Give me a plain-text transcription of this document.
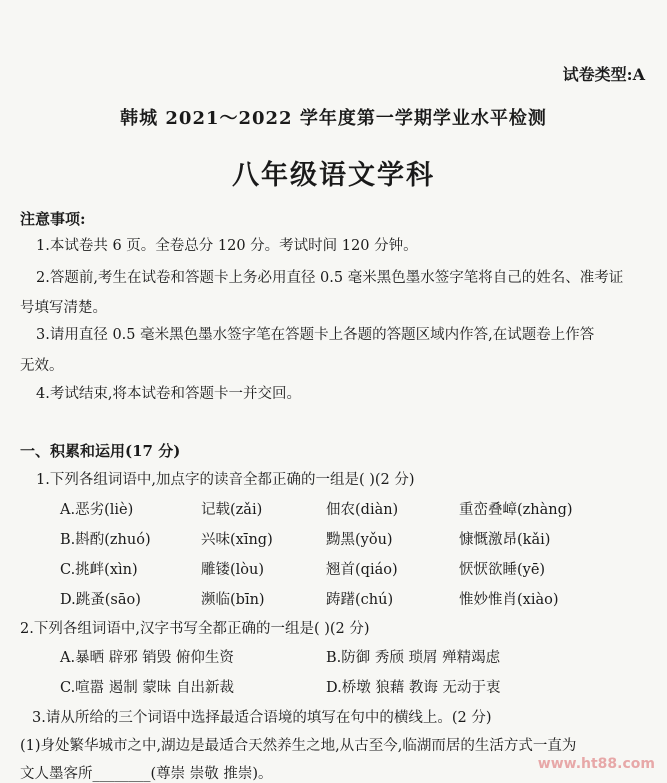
试卷类型:A
韩城 2021～2022 学年度第一学期学业水平检测
八年级语文学科
注意事项:
1.本试卷共 6 页。全卷总分 120 分。考试时间 120 分钟。
2.答题前,考生在试卷和答题卡上务必用直径 0.5 毫米黑色墨水签字笔将自己的姓名、准考证
号填写清楚。
3.请用直径 0.5 毫米黑色墨水签字笔在答题卡上各题的答题区域内作答,在试题卷上作答
无效。
4.考试结束,将本试卷和答题卡一并交回。
一、积累和运用(17 分)
1.下列各组词语中,加点字的读音全都正确的一组是( )(2 分)
A.恶劣(liè)	记载(zǎi)	佃农(diàn)	重峦叠嶂(zhàng)
B.斟酌(zhuó)	兴味(xīng)	黝黑(yǒu)	慷慨激昂(kǎi)
C.挑衅(xìn)	雕镂(lòu)	翘首(qiáo)	恹恹欲睡(yē)
D.跳蚤(sāo)	濒临(bīn)	踌躇(chú)	惟妙惟肖(xiào)
2.下列各组词语中,汉字书写全都正确的一组是( )(2 分)
A.暴晒 辟邪 销毁 俯仰生资	B.防御 秀颀 琐屑 殚精竭虑
C.喧嚣 遏制 蒙昧 自出新裁	D.桥墩 狼藉 教诲 无动于衷
3.请从所给的三个词语中选择最适合语境的填写在句中的横线上。(2 分)
(1)身处繁华城市之中,湖边是最适合天然养生之地,从古至今,临湖而居的生活方式一直为
文人墨客所________(尊崇 崇敬 推崇)。
www.ht88.com
